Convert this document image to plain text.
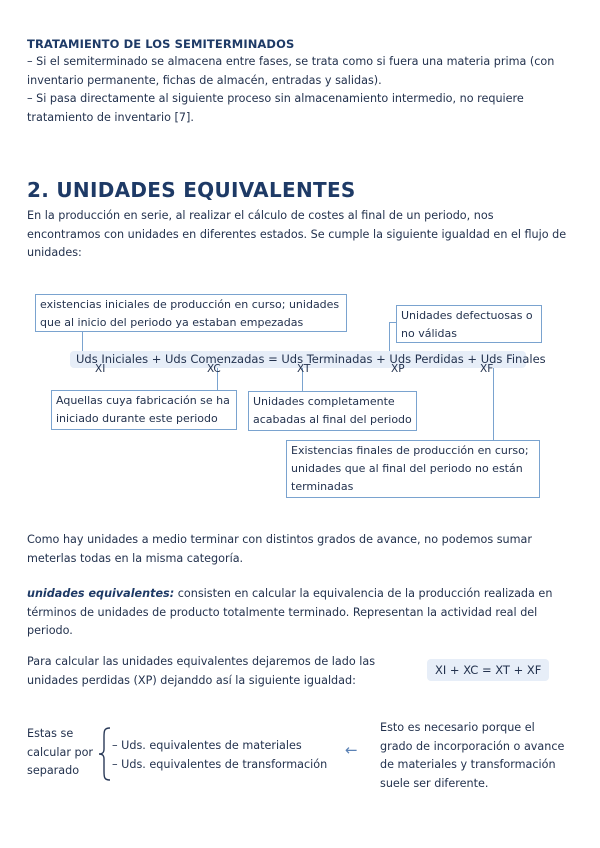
TRATAMIENTO DE LOS SEMITERMINADOS
– Si el semiterminado se almacena entre fases, se trata como si fuera una materia prima (con
inventario permanente, fichas de almacén, entradas y salidas).
– Si pasa directamente al siguiente proceso sin almacenamiento intermedio, no requiere
tratamiento de inventario [7].
2. UNIDADES EQUIVALENTES
En la producción en serie, al realizar el cálculo de costes al final de un periodo, nos
encontramos con unidades en diferentes estados. Se cumple la siguiente igualdad en el flujo de
unidades:
existencias iniciales de producción en curso; unidades
que al inicio del periodo ya estaban empezadas
Unidades defectuosas o
no válidas
Uds Iniciales + Uds Comenzadas = Uds Terminadas + Uds Perdidas + Uds Finales
XI	XC	XT	XP	XF
Aquellas cuya fabricación se ha
iniciado durante este periodo
Unidades completamente
acabadas al final del periodo
Existencias finales de producción en curso;
unidades que al final del periodo no están
terminadas
Como hay unidades a medio terminar con distintos grados de avance, no podemos sumar
meterlas todas en la misma categoría.
unidades equivalentes: consisten en calcular la equivalencia de la producción realizada en
términos de unidades de producto totalmente terminado. Representan la actividad real del
periodo.
Para calcular las unidades equivalentes dejaremos de lado las
unidades perdidas (XP) dejanddo así la siguiente igualdad:
XI + XC = XT + XF
Estas se
calcular por
separado
– Uds. equivalentes de materiales
– Uds. equivalentes de transformación
←
Esto es necesario porque el
grado de incorporación o avance
de materiales y transformación
suele ser diferente.
